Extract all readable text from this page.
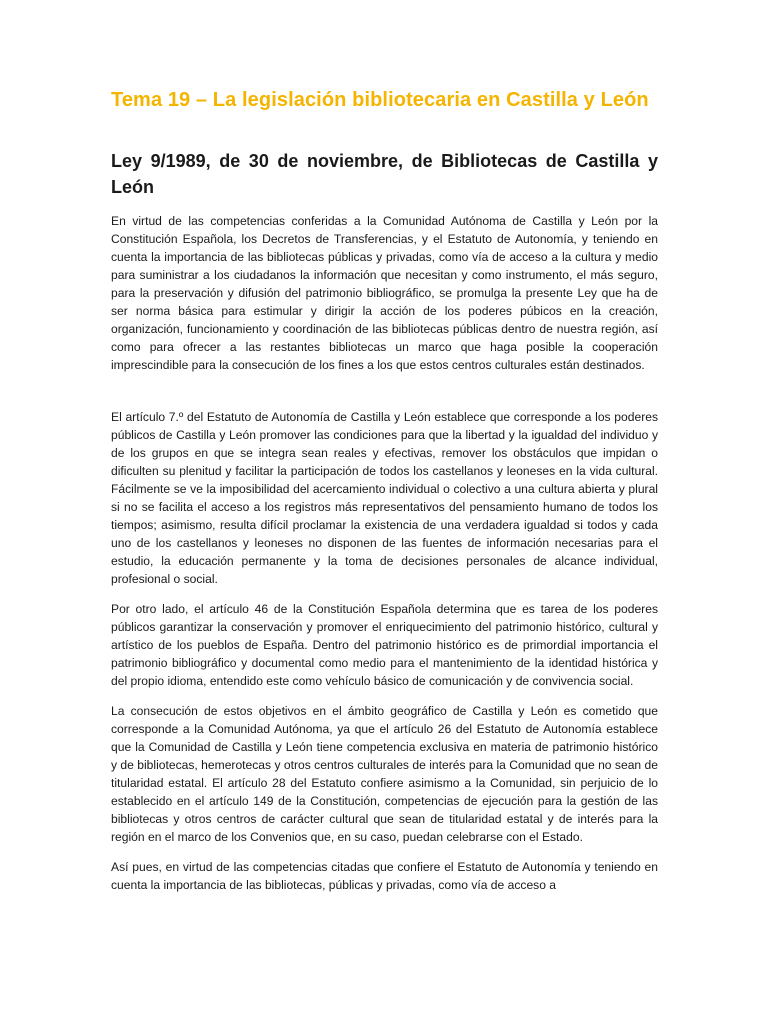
Tema 19 – La legislación bibliotecaria en Castilla y León
Ley 9/1989, de 30 de noviembre, de Bibliotecas de Castilla y León

En virtud de las competencias conferidas a la Comunidad Autónoma de Castilla y León por la Constitución Española, los Decretos de Transferencias, y el Estatuto de Autonomía, y teniendo en cuenta la importancia de las bibliotecas públicas y privadas, como vía de acceso a la cultura y medio para suministrar a los ciudadanos la información que necesitan y como instrumento, el más seguro, para la preservación y difusión del patrimonio bibliográfico, se promulga la presente Ley que ha de ser norma básica para estimular y dirigir la acción de los poderes púbicos en la creación, organización, funcionamiento y coordinación de las bibliotecas públicas dentro de nuestra región, así como para ofrecer a las restantes bibliotecas un marco que haga posible la cooperación imprescindible para la consecución de los fines a los que estos centros culturales están destinados.

El artículo 7.º del Estatuto de Autonomía de Castilla y León establece que corresponde a los poderes públicos de Castilla y León promover las condiciones para que la libertad y la igualdad del individuo y de los grupos en que se integra sean reales y efectivas, remover los obstáculos que impidan o dificulten su plenitud y facilitar la participación de todos los castellanos y leoneses en la vida cultural. Fácilmente se ve la imposibilidad del acercamiento individual o colectivo a una cultura abierta y plural si no se facilita el acceso a los registros más representativos del pensamiento humano de todos los tiempos; asimismo, resulta difícil proclamar la existencia de una verdadera igualdad si todos y cada uno de los castellanos y leoneses no disponen de las fuentes de información necesarias para el estudio, la educación permanente y la toma de decisiones personales de alcance individual, profesional o social.

Por otro lado, el artículo 46 de la Constitución Española determina que es tarea de los poderes públicos garantizar la conservación y promover el enriquecimiento del patrimonio histórico, cultural y artístico de los pueblos de España. Dentro del patrimonio histórico es de primordial importancia el patrimonio bibliográfico y documental como medio para el mantenimiento de la identidad histórica y del propio idioma, entendido este como vehículo básico de comunicación y de convivencia social.

La consecución de estos objetivos en el ámbito geográfico de Castilla y León es cometido que corresponde a la Comunidad Autónoma, ya que el artículo 26 del Estatuto de Autonomía establece que la Comunidad de Castilla y León tiene competencia exclusiva en materia de patrimonio histórico y de bibliotecas, hemerotecas y otros centros culturales de interés para la Comunidad que no sean de titularidad estatal. El artículo 28 del Estatuto confiere asimismo a la Comunidad, sin perjuicio de lo establecido en el artículo 149 de la Constitución, competencias de ejecución para la gestión de las bibliotecas y otros centros de carácter cultural que sean de titularidad estatal y de interés para la región en el marco de los Convenios que, en su caso, puedan celebrarse con el Estado.

Así pues, en virtud de las competencias citadas que confiere el Estatuto de Autonomía y teniendo en cuenta la importancia de las bibliotecas, públicas y privadas, como vía de acceso a
